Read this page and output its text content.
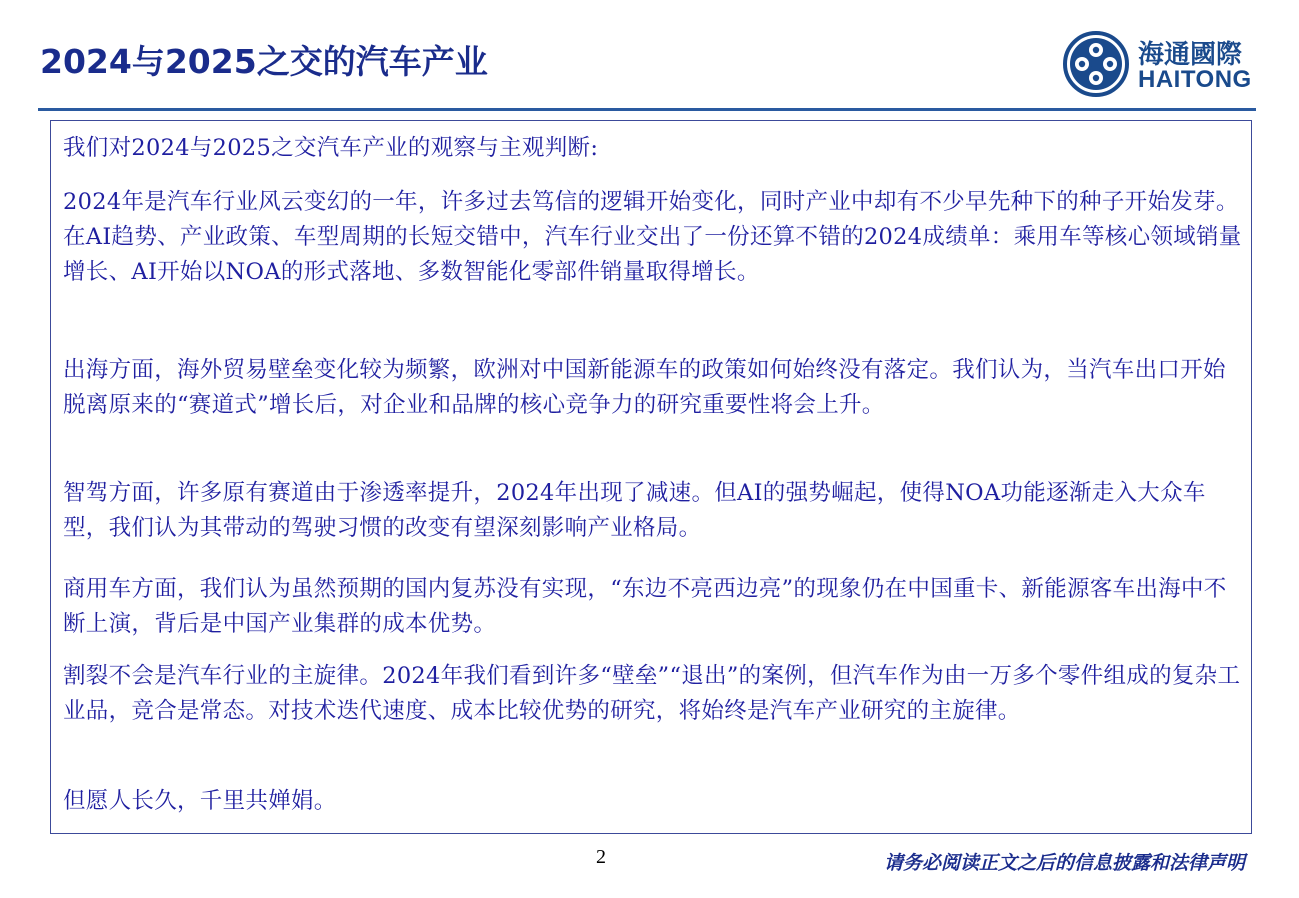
2024与2025之交的汽车产业	海通國際
HAITONG

我们对2024与2025之交汽车产业的观察与主观判断:

2024年是汽车行业风云变幻的一年，许多过去笃信的逻辑开始变化，同时产业中却有不少早先种下的种子开始发芽。在AI趋势、产业政策、车型周期的长短交错中，汽车行业交出了一份还算不错的2024成绩单：乘用车等核心领域销量增长、AI开始以NOA的形式落地、多数智能化零部件销量取得增长。

出海方面，海外贸易壁垒变化较为频繁，欧洲对中国新能源车的政策如何始终没有落定。我们认为，当汽车出口开始脱离原来的“赛道式”增长后，对企业和品牌的核心竞争力的研究重要性将会上升。

智驾方面，许多原有赛道由于渗透率提升，2024年出现了减速。但AI的强势崛起，使得NOA功能逐渐走入大众车型，我们认为其带动的驾驶习惯的改变有望深刻影响产业格局。

商用车方面，我们认为虽然预期的国内复苏没有实现，“东边不亮西边亮”的现象仍在中国重卡、新能源客车出海中不断上演，背后是中国产业集群的成本优势。

割裂不会是汽车行业的主旋律。2024年我们看到许多“壁垒”“退出”的案例，但汽车作为由一万多个零件组成的复杂工业品，竞合是常态。对技术迭代速度、成本比较优势的研究，将始终是汽车产业研究的主旋律。

但愿人长久，千里共婵娟。

2	请务必阅读正文之后的信息披露和法律声明
